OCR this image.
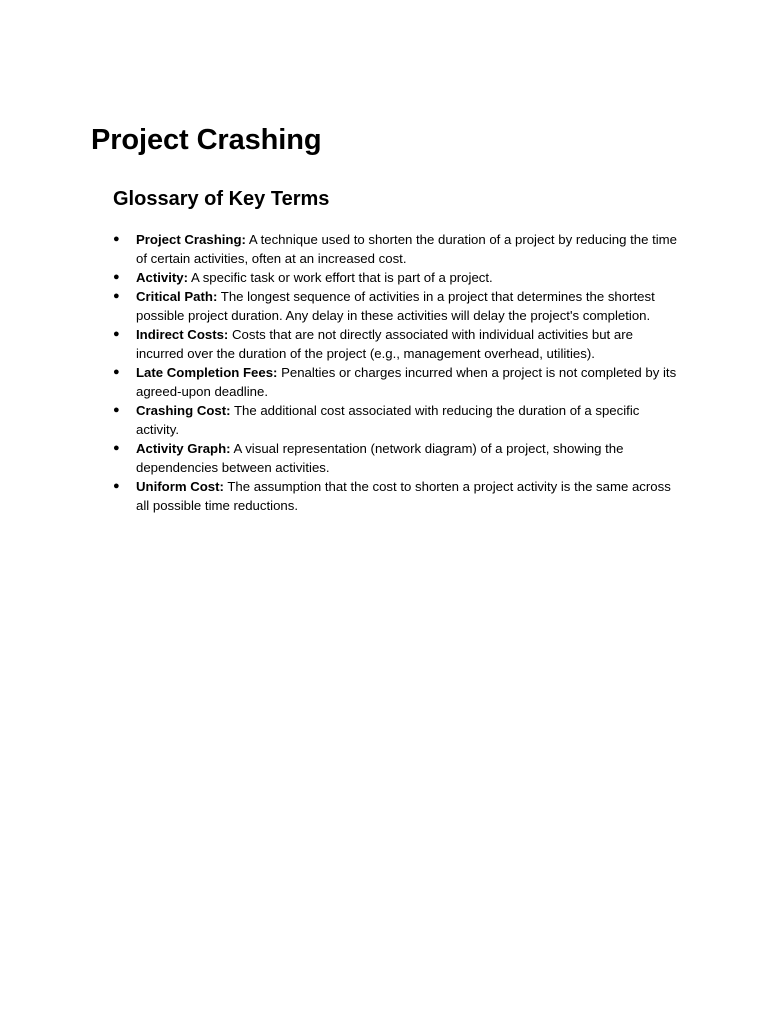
Project Crashing
Glossary of Key Terms
● Project Crashing: A technique used to shorten the duration of a project by reducing the time of certain activities, often at an increased cost.
● Activity: A specific task or work effort that is part of a project.
● Critical Path: The longest sequence of activities in a project that determines the shortest possible project duration. Any delay in these activities will delay the project's completion.
● Indirect Costs: Costs that are not directly associated with individual activities but are incurred over the duration of the project (e.g., management overhead, utilities).
● Late Completion Fees: Penalties or charges incurred when a project is not completed by its agreed-upon deadline.
● Crashing Cost: The additional cost associated with reducing the duration of a specific activity.
● Activity Graph: A visual representation (network diagram) of a project, showing the dependencies between activities.
● Uniform Cost: The assumption that the cost to shorten a project activity is the same across all possible time reductions.
